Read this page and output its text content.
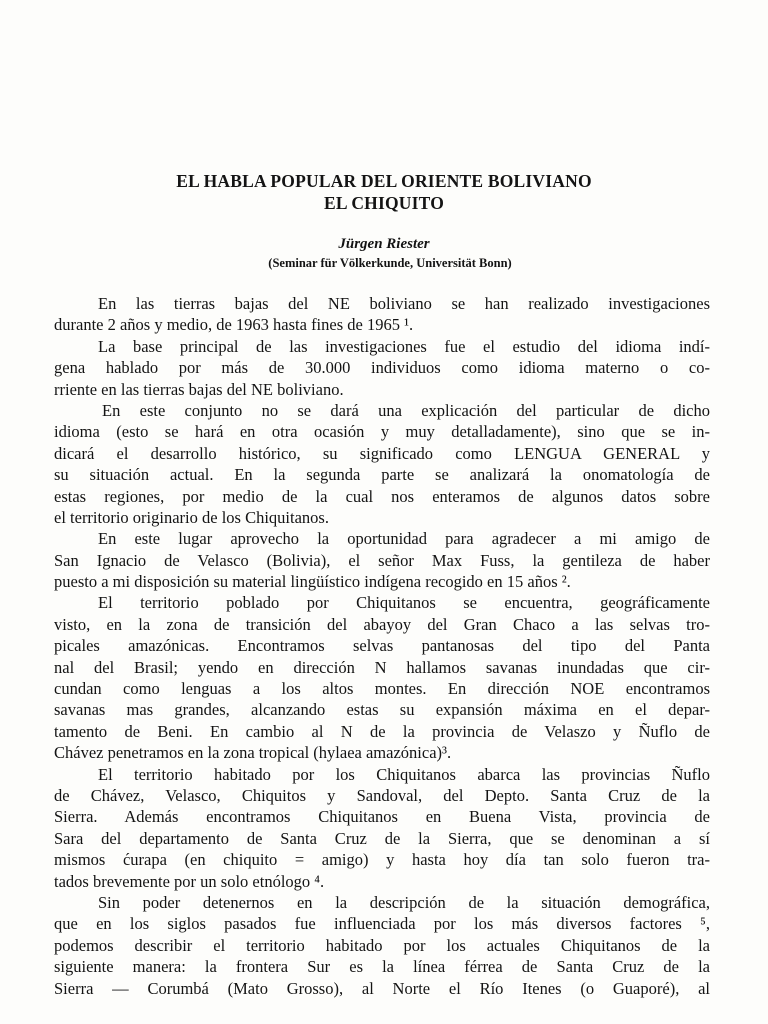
EL HABLA POPULAR DEL ORIENTE BOLIVIANO
EL CHIQUITO
Jürgen Riester
(Seminar für Völkerkunde, Universität Bonn)
En las tierras bajas del NE boliviano se han realizado investigaciones
durante 2 años y medio, de 1963 hasta fines de 1965 ¹.
La base principal de las investigaciones fue el estudio del idioma indí-
gena hablado por más de 30.000 individuos como idioma materno o co-
rriente en las tierras bajas del NE boliviano.
En este conjunto no se dará una explicación del particular de dicho
idioma (esto se hará en otra ocasión y muy detalladamente), sino que se in-
dicará el desarrollo histórico, su significado como LENGUA GENERAL y
su situación actual. En la segunda parte se analizará la onomatología de
estas regiones, por medio de la cual nos enteramos de algunos datos sobre
el territorio originario de los Chiquitanos.
En este lugar aprovecho la oportunidad para agradecer a mi amigo de
San Ignacio de Velasco (Bolivia), el señor Max Fuss, la gentileza de haber
puesto a mi disposición su material lingüístico indígena recogido en 15 años ².
El territorio poblado por Chiquitanos se encuentra, geográficamente
visto, en la zona de transición del abayoy del Gran Chaco a las selvas tro-
picales amazónicas. Encontramos selvas pantanosas del tipo del Panta
nal del Brasil; yendo en dirección N hallamos savanas inundadas que cir-
cundan como lenguas a los altos montes. En dirección NOE encontramos
savanas mas grandes, alcanzando estas su expansión máxima en el depar-
tamento de Beni. En cambio al N de la provincia de Velaszo y Ñuflo de
Chávez penetramos en la zona tropical (hylaea amazónica)³.
El territorio habitado por los Chiquitanos abarca las provincias Ñuflo
de Chávez, Velasco, Chiquitos y Sandoval, del Depto. Santa Cruz de la
Sierra. Además encontramos Chiquitanos en Buena Vista, provincia de
Sara del departamento de Santa Cruz de la Sierra, que se denominan a sí
mismos ćurapa (en chiquito = amigo) y hasta hoy día tan solo fueron tra-
tados brevemente por un solo etnólogo ⁴.
Sin poder detenernos en la descripción de la situación demográfica,
que en los siglos pasados fue influenciada por los más diversos factores ⁵,
podemos describir el territorio habitado por los actuales Chiquitanos de la
siguiente manera: la frontera Sur es la línea férrea de Santa Cruz de la
Sierra — Corumbá (Mato Grosso), al Norte el Río Itenes (o Guaporé), al
